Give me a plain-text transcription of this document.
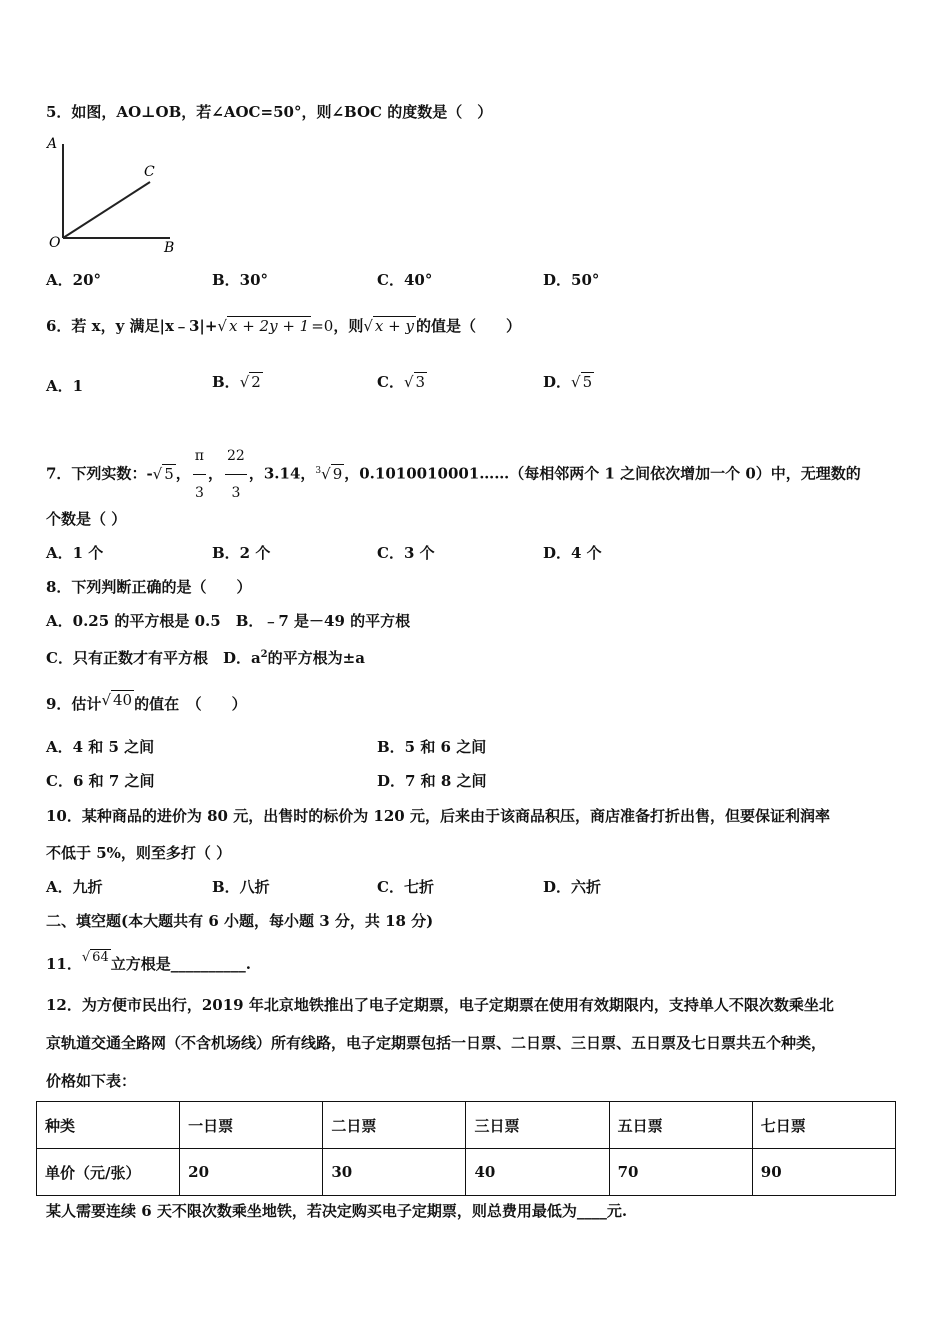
5．如图，AO⊥OB，若∠AOC=50°，则∠BOC 的度数是（　）
A
C
O	B
A．20°	B．30°	C．40°	D．50°
6．若 x，y 满足|x﹣3|+√ x + 2y + 1 =0，则√ x + y 的值是（　　）
A．1	B．√ 2	C．√ 3	D．√ 5
7．下列实数：-√ 5 ， $\frac{\pi}{3}$ ， $\frac{22}{3}$ ，3.14，$^3$√ 9 ，0.1010010001……（每相邻两个 1 之间依次增加一个 0）中，无理数的
个数是（ ）
A．1 个	B．2 个	C．3 个	D．4 个
8．下列判断正确的是（　　）
A．0.25 的平方根是 0.5　B．﹣7 是－49 的平方根
C．只有正数才有平方根　D．$a^2$的平方根为±a
9．估计√ 40 的值在　（　　）
A．4 和 5 之间	B．5 和 6 之间
C．6 和 7 之间	D．7 和 8 之间
10．某种商品的进价为 80 元，出售时的标价为 120 元，后来由于该商品积压，商店准备打折出售，但要保证利润率
不低于 5%，则至多打（ ）
A．九折	B．八折	C．七折	D．六折
二、填空题(本大题共有 6 小题，每小题 3 分，共 18 分)
11．√ 64 立方根是__________.
12．为方便市民出行，2019 年北京地铁推出了电子定期票，电子定期票在使用有效期限内，支持单人不限次数乘坐北
京轨道交通全路网（不含机场线）所有线路，电子定期票包括一日票、二日票、三日票、五日票及七日票共五个种类，
价格如下表：
种类	一日票	二日票	三日票	五日票	七日票
单价（元/张）	20	30	40	70	90
某人需要连续 6 天不限次数乘坐地铁，若决定购买电子定期票，则总费用最低为____元.
